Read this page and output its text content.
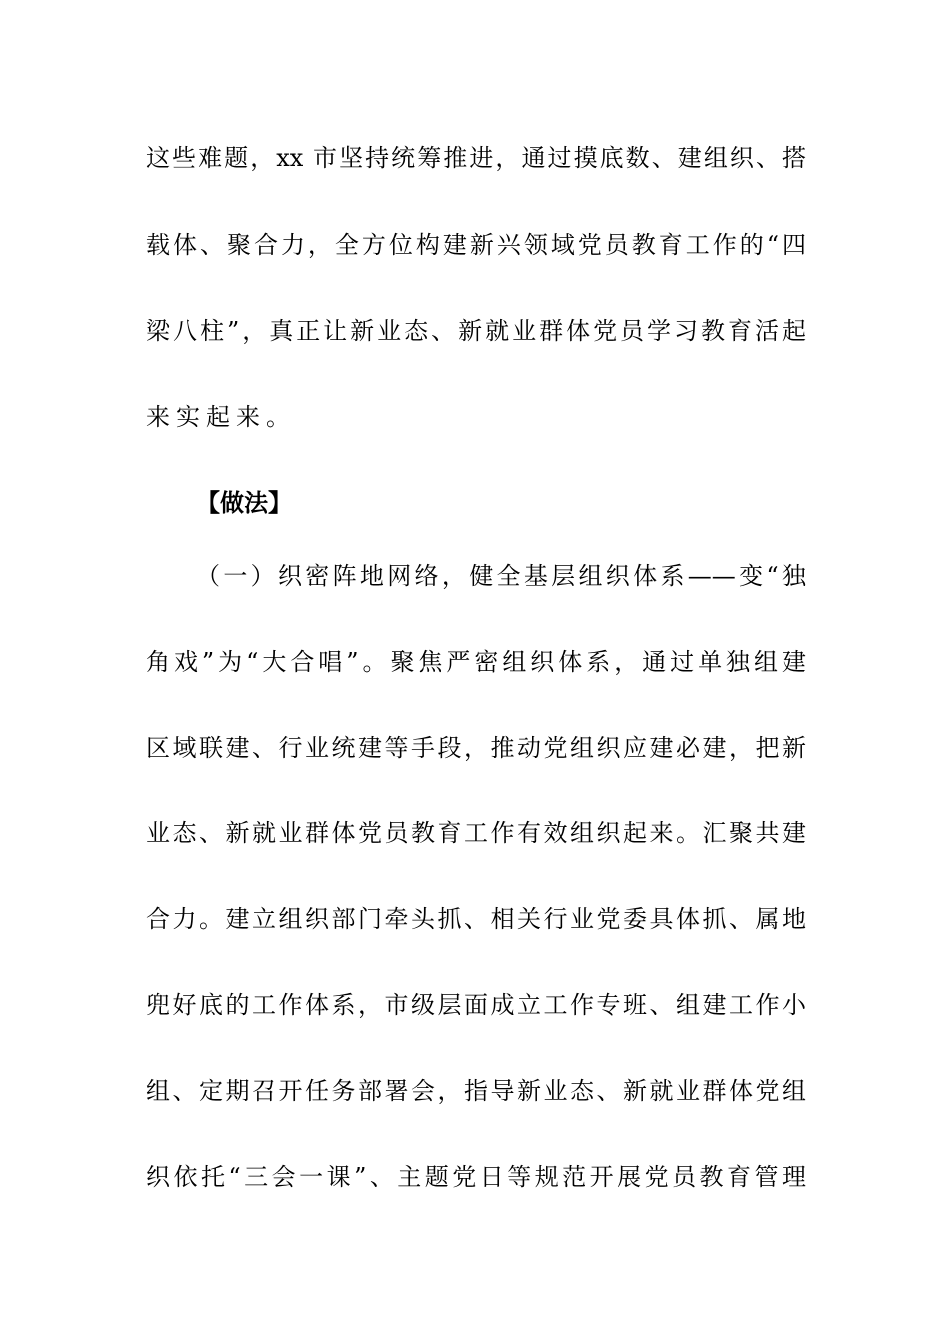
这些难题，xx 市坚持统筹推进，通过摸底数、建组织、搭
载体、聚合力，全方位构建新兴领域党员教育工作的“四
梁八柱”，真正让新业态、新就业群体党员学习教育活起
来实起来。
【做法】
（一）织密阵地网络，健全基层组织体系——变“独
角戏”为“大合唱”。聚焦严密组织体系，通过单独组建
区域联建、行业统建等手段，推动党组织应建必建，把新
业态、新就业群体党员教育工作有效组织起来。汇聚共建
合力。建立组织部门牵头抓、相关行业党委具体抓、属地
兜好底的工作体系，市级层面成立工作专班、组建工作小
组、定期召开任务部署会，指导新业态、新就业群体党组
织依托“三会一课”、主题党日等规范开展党员教育管理
